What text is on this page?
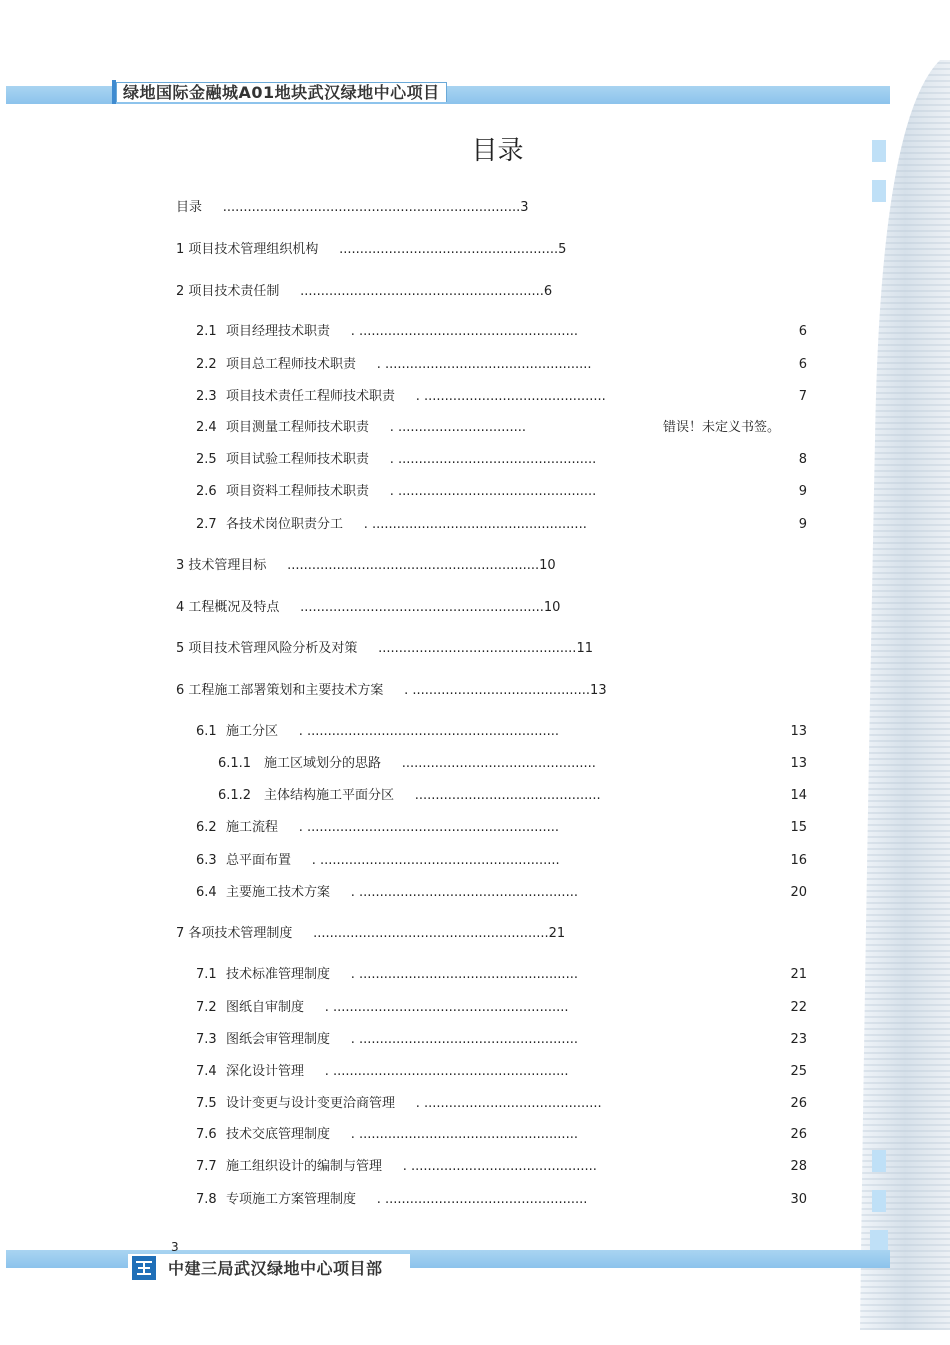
绿地国际金融城A01地块武汉绿地中心项目
目录
目录 ........................................................................3
1 项目技术管理组织机构 .....................................................5
2 项目技术责任制 ...........................................................6
2.1 项目经理技术职责 . .....................................................	6
2.2 项目总工程师技术职责 . ..................................................	6
2.3 项目技术责任工程师技术职责 . ............................................	7
2.4 项目测量工程师技术职责 . ...............................	错误！未定义书签。
2.5 项目试验工程师技术职责 . ................................................	8
2.6 项目资料工程师技术职责 . ................................................	9
2.7 各技术岗位职责分工 . ....................................................	9
3 技术管理目标 .............................................................10
4 工程概况及特点 ...........................................................10
5 项目技术管理风险分析及对策 ................................................11
6 工程施工部署策划和主要技术方案 . ...........................................13
6.1 施工分区 . .............................................................	13
6.1.1 施工区域划分的思路 ...............................................	13
6.1.2 主体结构施工平面分区 .............................................	14
6.2 施工流程 . .............................................................	15
6.3 总平面布置 . ..........................................................	16
6.4 主要施工技术方案 . .....................................................	20
7 各项技术管理制度 .........................................................21
7.1 技术标准管理制度 . .....................................................	21
7.2 图纸自审制度 . .........................................................	22
7.3 图纸会审管理制度 . .....................................................	23
7.4 深化设计管理 . .........................................................	25
7.5 设计变更与设计变更洽商管理 . ...........................................	26
7.6 技术交底管理制度 . .....................................................	26
7.7 施工组织设计的编制与管理 . .............................................	28
7.8 专项施工方案管理制度 . .................................................	30
中建三局武汉绿地中心项目部
3
